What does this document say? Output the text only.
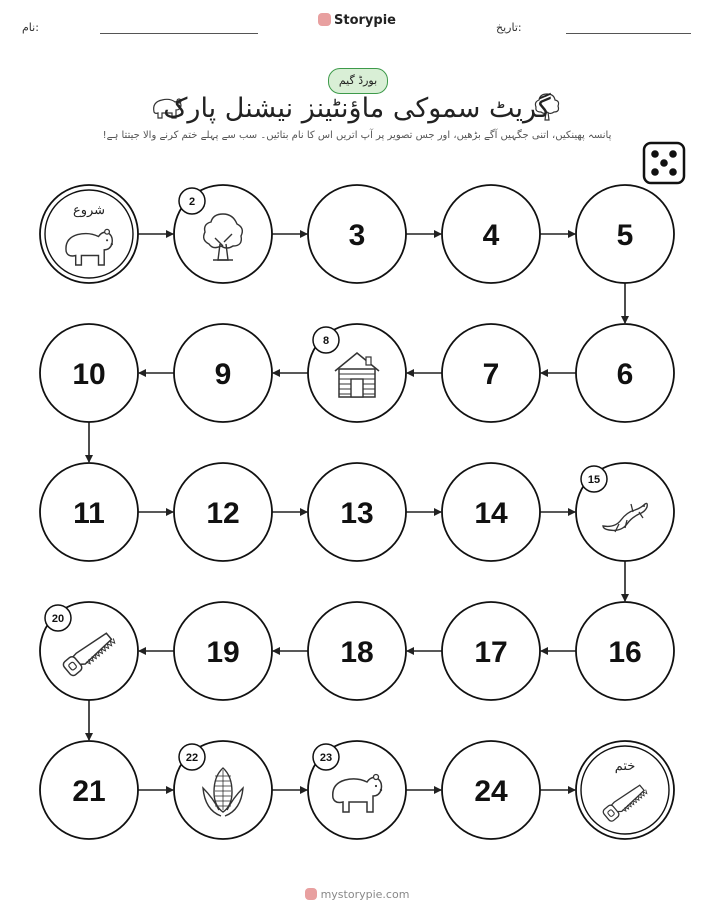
نام:	Storypie	تاریخ:
بورڈ گیم
گریٹ سموکی ماؤنٹینز نیشنل پارک
پانسہ پھینکیں، اتنی جگہیں آگے بڑھیں، اور جس تصویر پر آپ اتریں اس کا نام بتائیں۔ سب سے پہلے ختم کرنے والا جیتتا ہے!
شروع	2
3	4	5
6
7
8
9
10
11	12	13	14
15
16
17
18
19
20
21
22	23
24
ختم
mystorypie.com
